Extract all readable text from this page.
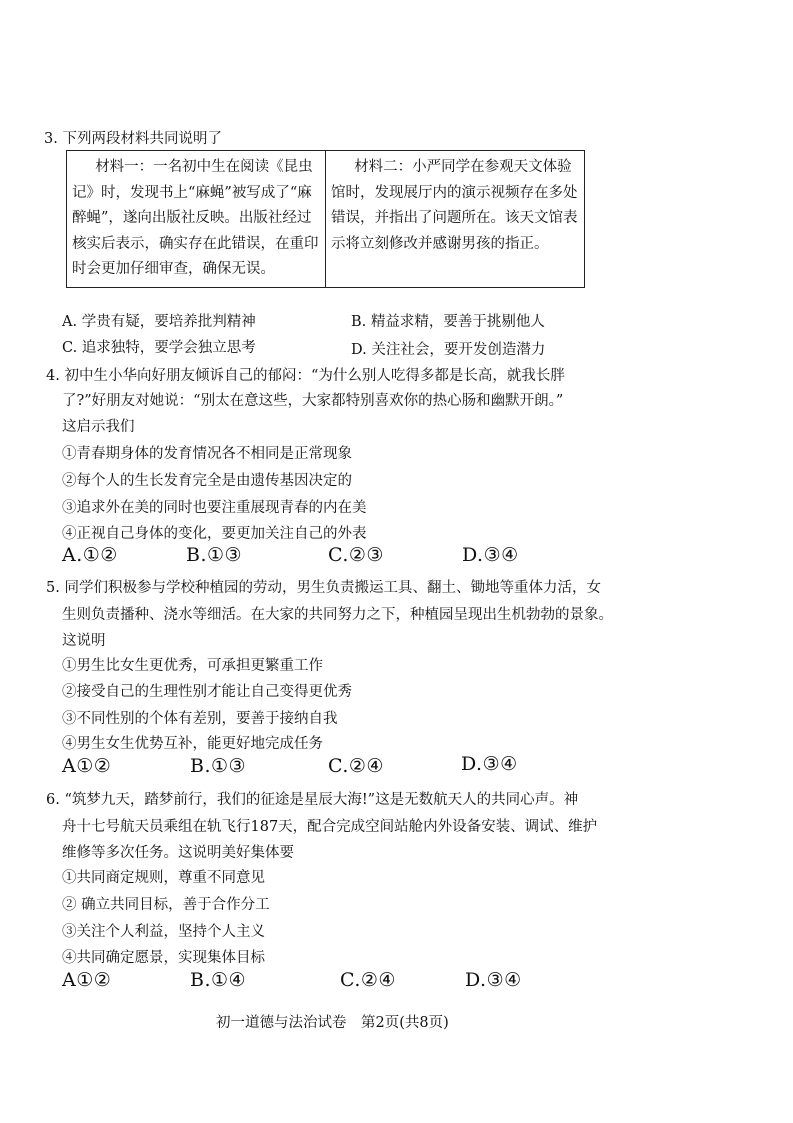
3. 下列两段材料共同说明了
材料一：一名初中生在阅读《昆虫记》时，发现书上“麻蝇”被写成了“麻醉蝇”，遂向出版社反映。出版社经过核实后表示，确实存在此错误，在重印时会更加仔细审查，确保无误。

材料二：小严同学在参观天文体验馆时，发现展厅内的演示视频存在多处错误，并指出了问题所在。该天文馆表示将立刻修改并感谢男孩的指正。
A. 学贵有疑，要培养批判精神	B. 精益求精，要善于挑剔他人
C. 追求独特，要学会独立思考	D. 关注社会，要开发创造潜力
4. 初中生小华向好朋友倾诉自己的郁闷：“为什么别人吃得多都是长高，就我长胖
了?”好朋友对她说：“别太在意这些，大家都特别喜欢你的热心肠和幽默开朗。”
这启示我们
①青春期身体的发育情况各不相同是正常现象
②每个人的生长发育完全是由遗传基因决定的
③追求外在美的同时也要注重展现青春的内在美
④正视自己身体的变化，要更加关注自己的外表
A.①②	B.①③	C.②③	D.③④
5. 同学们积极参与学校种植园的劳动，男生负责搬运工具、翻土、锄地等重体力活，女
生则负责播种、浇水等细活。在大家的共同努力之下，种植园呈现出生机勃勃的景象。
这说明
①男生比女生更优秀，可承担更繁重工作
②接受自己的生理性别才能让自己变得更优秀
③不同性别的个体有差别，要善于接纳自我
④男生女生优势互补，能更好地完成任务
A①②	B.①③	C.②④	D.③④
6. “筑梦九天，踏梦前行，我们的征途是星辰大海!”这是无数航天人的共同心声。神
舟十七号航天员乘组在轨飞行187天，配合完成空间站舱内外设备安装、调试、维护
维修等多次任务。这说明美好集体要
①共同商定规则，尊重不同意见
② 确立共同目标，善于合作分工
③关注个人利益，坚持个人主义
④共同确定愿景，实现集体目标
A①②	B.①④	C.②④	D.③④
初一道德与法治试卷　第2页(共8页)
